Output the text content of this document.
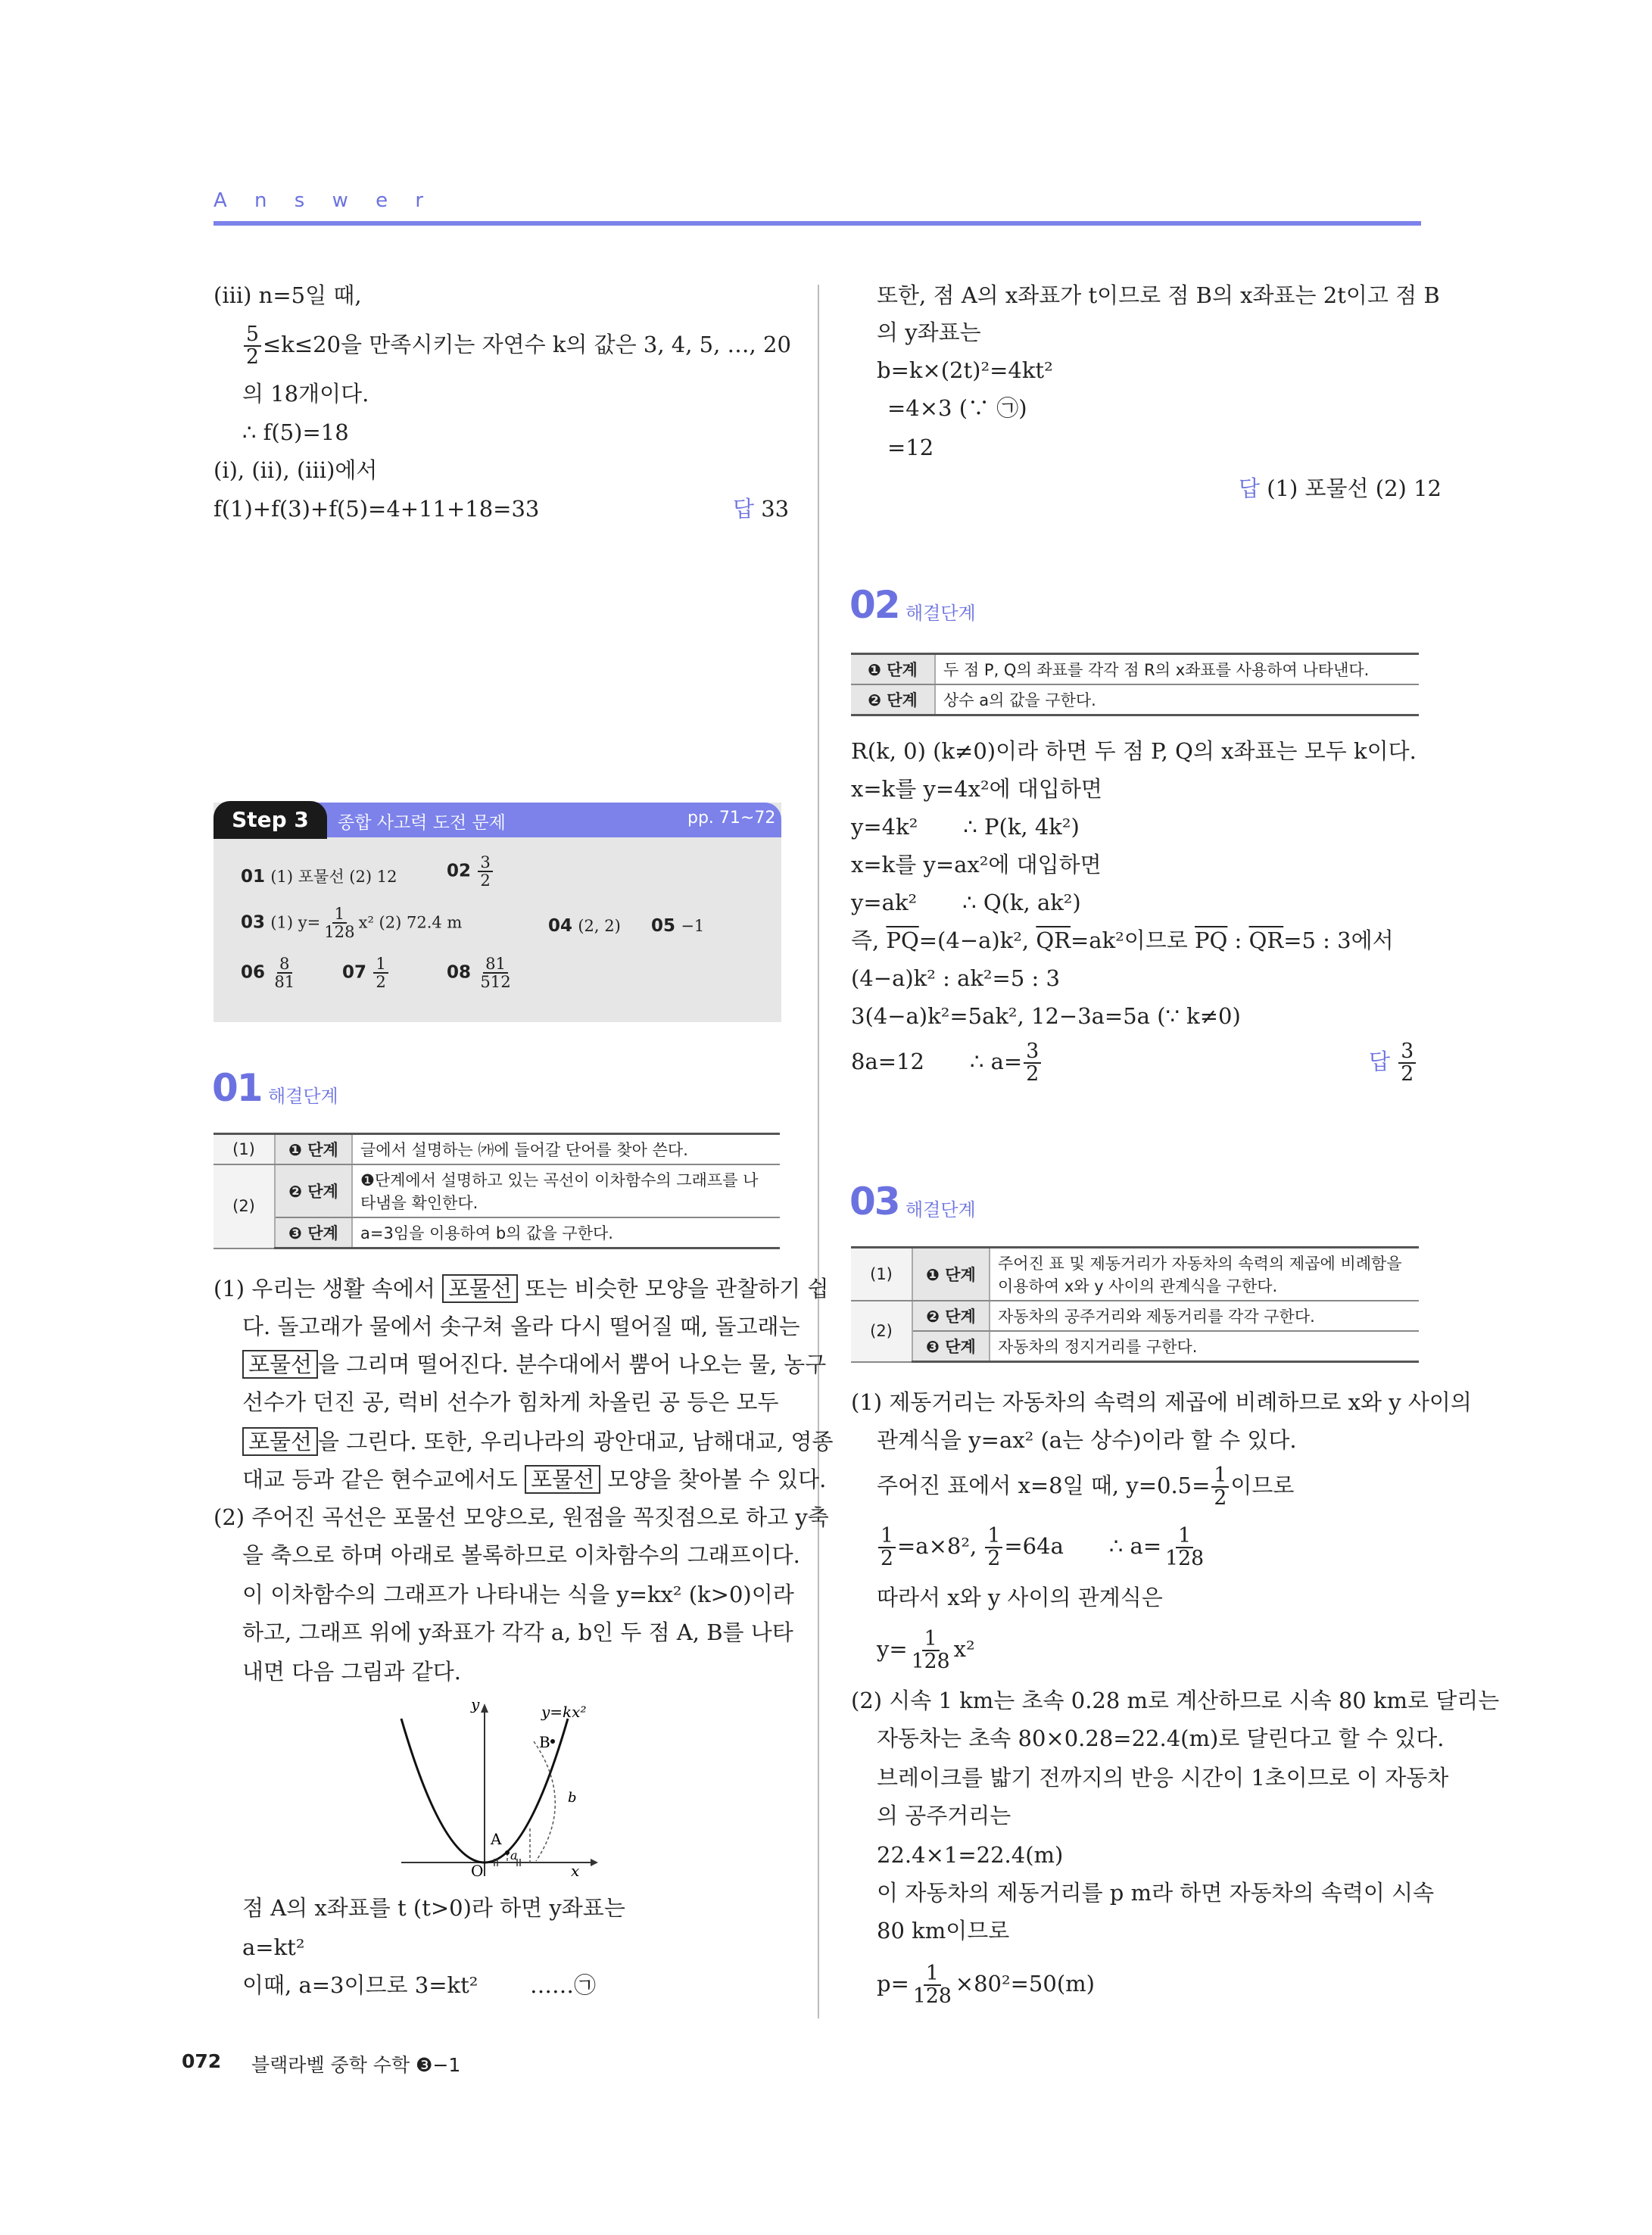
A n s w e r
(iii) n=5일 때,
$\frac{5}{2} \le k\le 20$을 만족시키는 자연수 k의 값은 3, 4, 5, …, 20
의 18개이다.
∴ f(5)=18
(ⅰ), (ⅱ), (ⅲ)에서
f(1)+f(3)+f(5)=4+11+18=33	답 33
Step 3	종합 사고력 도전 문제	pp. 71~72
01 (1) 포물선 (2) 12	$02 \frac{3}{2}$
03 (1) $y= \frac{1}{128} x^2$ (2) 72.4 m	04 (2, 2) 05 −1
$06 \frac{8}{81}$	$07 \frac{1}{2}$	$08 \frac{81}{512}$
01 해결단계
(1)	❶ 단계	글에서 설명하는 ㈎에 들어갈 단어를 찾아 쓴다.
(2)	❷ 단계	❶단계에서 설명하고 있는 곡선이 이차함수의 그래프를 나타냄을 확인한다.
	❸ 단계	a=3임을 이용하여 b의 값을 구한다.
(1) 우리는 생활 속에서 포물선 또는 비슷한 모양을 관찰하기 쉽
다. 돌고래가 물에서 솟구쳐 올라 다시 떨어질 때, 돌고래는
포물선 을 그리며 떨어진다. 분수대에서 뿜어 나오는 물, 농구
선수가 던진 공, 럭비 선수가 힘차게 차올린 공 등은 모두
포물선 을 그린다. 또한, 우리나라의 광안대교, 남해대교, 영종
대교 등과 같은 현수교에서도 포물선 모양을 찾아볼 수 있다.
(2) 주어진 곡선은 포물선 모양으로, 원점을 꼭짓점으로 하고 y축
을 축으로 하며 아래로 볼록하므로 이차함수의 그래프이다.
이 이차함수의 그래프가 나타내는 식을 y=kx² (k>0)이라
하고, 그래프 위에 y좌표가 각각 a, b인 두 점 A, B를 나타
내면 다음 그림과 같다.
y	y=kx²
B
b
A
a
O	x
점 A의 x좌표를 t (t>0)라 하면 y좌표는
a=kt²
이때, a=3이므로 3=kt² ……㉠
또한, 점 A의 x좌표가 t이므로 점 B의 x좌표는 2t이고 점 B
의 y좌표는
b=k×(2t)²=4kt²
=4×3 (∵ ㉠)
=12
답 (1) 포물선 (2) 12
02 해결단계
❶ 단계	두 점 P, Q의 좌표를 각각 점 R의 x좌표를 사용하여 나타낸다.
❷ 단계	상수 a의 값을 구한다.
R(k, 0) (k≠0)이라 하면 두 점 P, Q의 x좌표는 모두 k이다.
x=k를 y=4x²에 대입하면
y=4k² ∴ P(k, 4k²)
x=k를 y=ax²에 대입하면
y=ak² ∴ Q(k, ak²)
즉, $\overline{PQ}=(4-a)k^2$, $\overline{QR}=ak^2$이므로 $\overline{PQ}$ : $\overline{QR}=5$ : 3에서
(4−a)k² : ak²=5 : 3
3(4−a)k²=5ak², 12−3a=5a (∵ k≠0)
8a=12 ∴ $a= \frac{3}{2}$	답 $\frac{3}{2}$
03 해결단계
(1)	❶ 단계	주어진 표 및 제동거리가 자동차의 속력의 제곱에 비례함을 이용하여 x와 y 사이의 관계식을 구한다.
(2)	❷ 단계	자동차의 공주거리와 제동거리를 각각 구한다.
	❸ 단계	자동차의 정지거리를 구한다.
(1) 제동거리는 자동차의 속력의 제곱에 비례하므로 x와 y 사이의
관계식을 y=ax² (a는 상수)이라 할 수 있다.
주어진 표에서 x=8일 때, $y=0.5= \frac{1}{2}$ 이므로
$\frac{1}{2} =a\times 8^2$, $\frac{1}{2} =64a$ ∴ $a= \frac{1}{128}$
따라서 x와 y 사이의 관계식은
$y= \frac{1}{128} x^2$
(2) 시속 1 km는 초속 0.28 m로 계산하므로 시속 80 km로 달리는
자동차는 초속 80×0.28=22.4(m)로 달린다고 할 수 있다.
브레이크를 밟기 전까지의 반응 시간이 1초이므로 이 자동차
의 공주거리는
22.4×1=22.4(m)
이 자동차의 제동거리를 p m라 하면 자동차의 속력이 시속
80 km이므로
$p= \frac{1}{128} \times 80^2=50(m)$
072 블랙라벨 중학 수학 ❸−1
